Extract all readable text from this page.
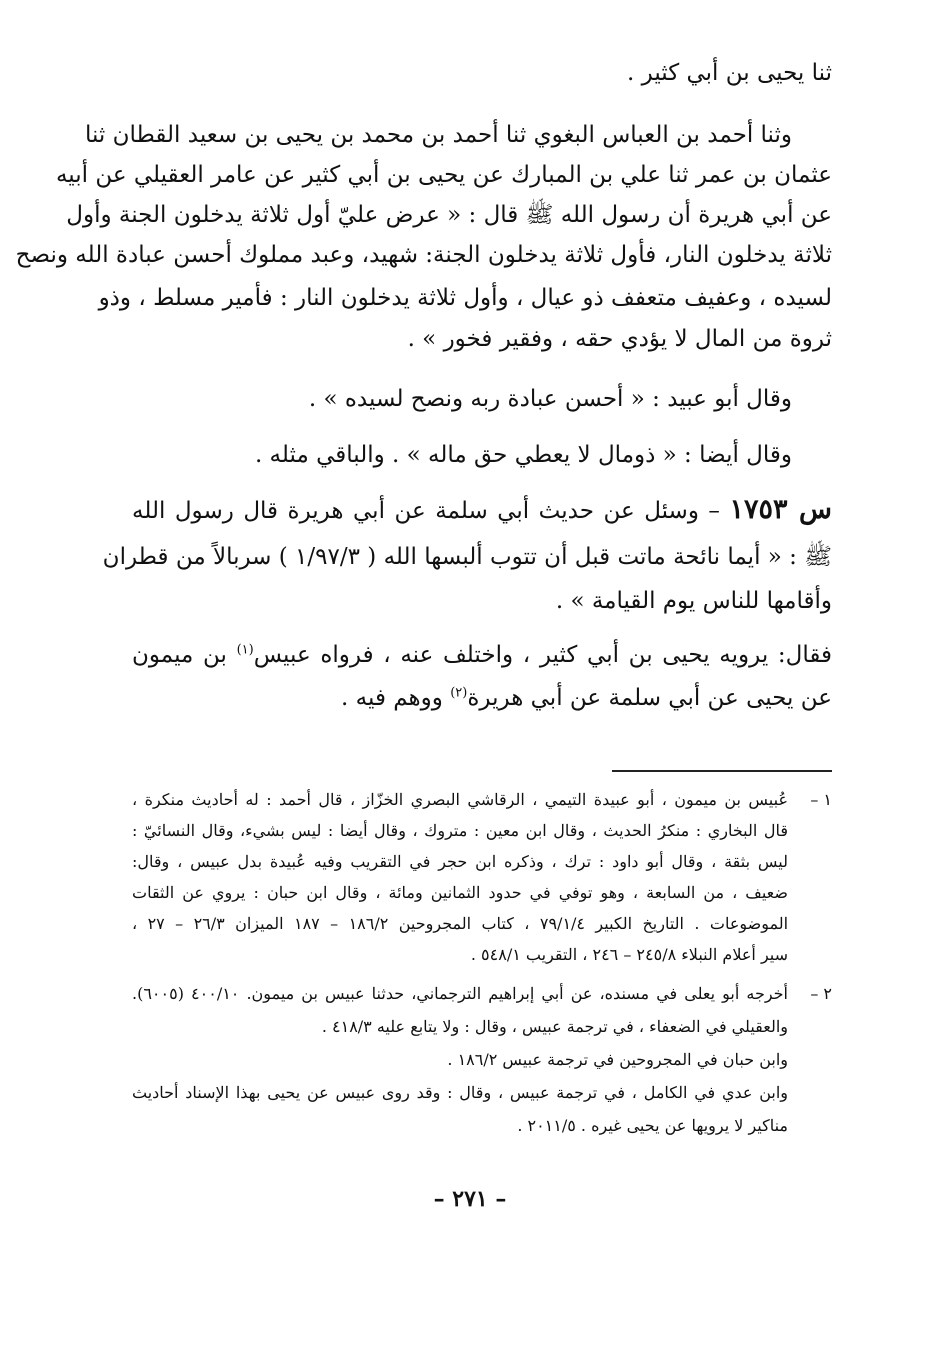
ثنا يحيى بن أبي كثير .
وثنا أحمد بن العباس البغوي ثنا أحمد بن محمد بن يحيى بن سعيد القطان ثنا
عثمان بن عمر ثنا علي بن المبارك عن يحيى بن أبي كثير عن عامر العقيلي عن أبيه
عن أبي هريرة أن رسول الله ﷺ قال : « عرض عليّ أول ثلاثة يدخلون الجنة وأول
ثلاثة يدخلون النار، فأول ثلاثة يدخلون الجنة: شهيد، وعبد مملوك أحسن عبادة الله ونصح
لسيده ، وعفيف متعفف ذو عيال ، وأول ثلاثة يدخلون النار : فأمير مسلط ، وذو
ثروة من المال لا يؤدي حقه ، وفقير فخور » .
وقال أبو عبيد : « أحسن عبادة ربه ونصح لسيده » .
وقال أيضا : « ذومال لا يعطي حق ماله » . والباقي مثله .
س ١٧٥٣ – وسئل عن حديث أبي سلمة عن أبي هريرة قال رسول الله
ﷺ : « أيما نائحة ماتت قبل أن تتوب ألبسها الله ( ١/٩٧/٣ ) سربالاً من قطران
وأقامها للناس يوم القيامة » .
فقال: يرويه يحيى بن أبي كثير ، واختلف عنه ، فرواه عبيس$^{(١)}$ بن ميمون
عن يحيى عن أبي سلمة عن أبي هريرة$^{(٢)}$ ووهم فيه .
١ –
عُبيس بن ميمون ، أبو عبيدة التيمي ، الرقاشي البصري الخزّاز ، قال أحمد : له أحاديث منكرة ،
قال البخاري : منكرُ الحديث ، وقال ابن معين : متروك ، وقال أيضا : ليس بشيء، وقال النسائيّ :
ليس بثقة ، وقال أبو داود : ترك ، وذكره ابن حجر في التقريب وفيه عُبيدة بدل عبيس ، وقال:
ضعيف ، من السابعة ، وهو توفي في حدود الثمانين ومائة ، وقال ابن حبان : يروي عن الثقات
الموضوعات . التاريخ الكبير ٧٩/١/٤ ، كتاب المجروحين ١٨٦/٢ – ١٨٧ الميزان ٢٦/٣ – ٢٧ ،
سير أعلام النبلاء ٢٤٥/٨ – ٢٤٦ ، التقريب ٥٤٨/١ .
٢ –
أخرجه أبو يعلى في مسنده، عن أبي إبراهيم الترجماني، حدثنا عبيس بن ميمون. ٤٠٠/١٠ (٦٠٠٥).
والعقيلي في الضعفاء ، في ترجمة عبيس ، وقال : ولا يتابع عليه ٤١٨/٣ .
وابن حبان في المجروحين في ترجمة عبيس ١٨٦/٢ .
وابن عدي في الكامل ، في ترجمة عبيس ، وقال : وقد روى عبيس عن يحيى بهذا الإسناد أحاديث
مناكير لا يرويها عن يحيى غيره . ٢٠١١/٥ .
– ٢٧١ –
